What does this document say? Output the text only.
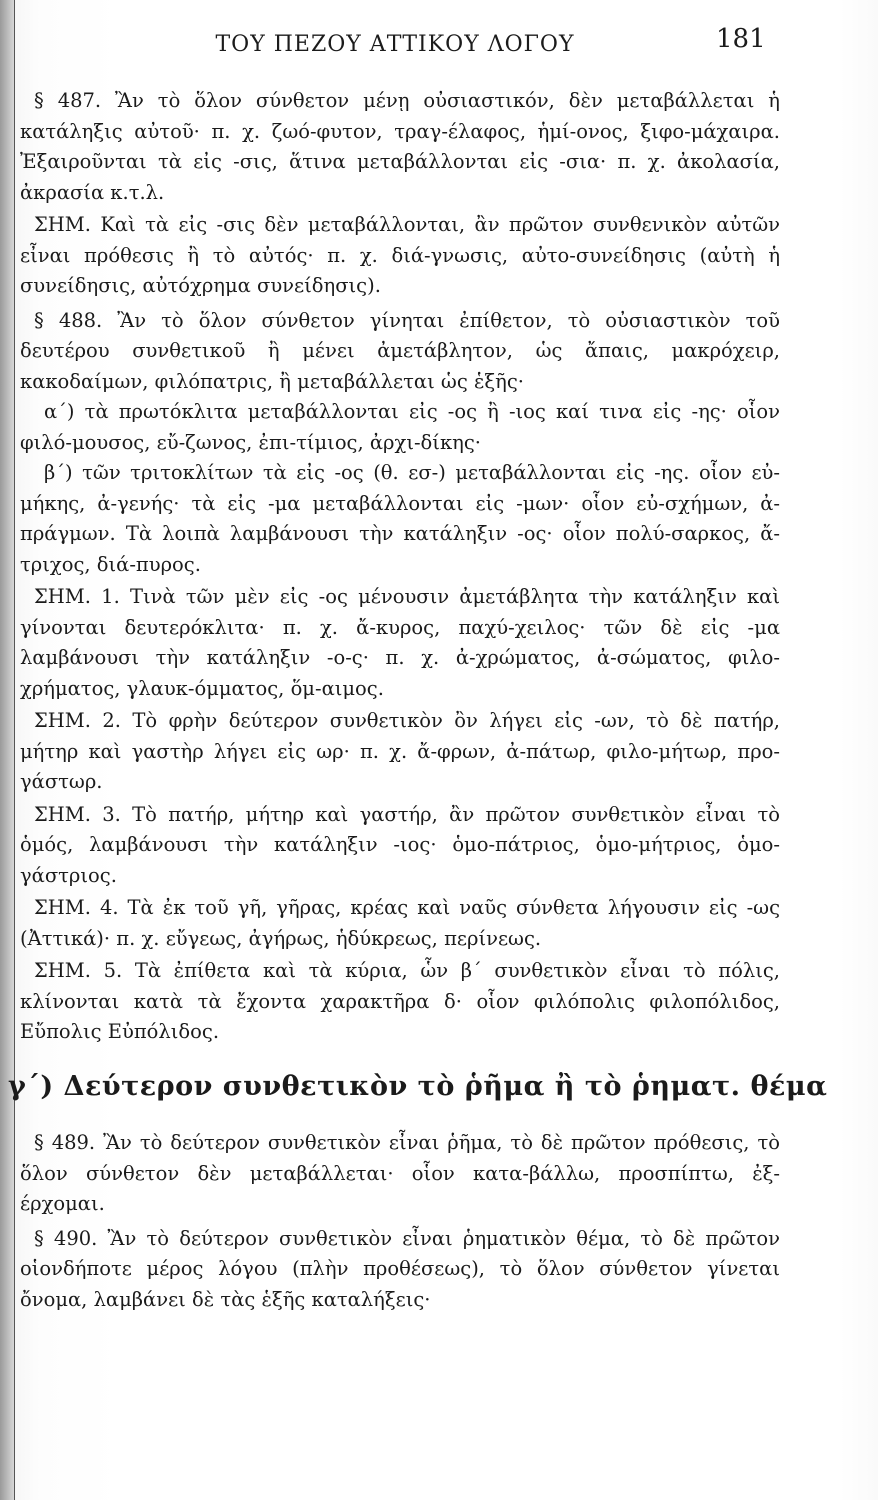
ΤΟΥ ΠΕΖΟΥ ΑΤΤΙΚΟΥ ΛΟΓΟΥ	181

§ 487. Ἂν τὸ ὅλον σύνθετον μένῃ οὐσιαστικόν, δὲν μεταβάλλεται ἡ κατάληξις αὐτοῦ· π. χ. ζωό-φυτον, τραγ-έλαφος, ἡμί-ονος, ξιφο-μάχαιρα. Ἐξαιροῦνται τὰ εἰς -σις, ἅτινα μεταβάλλονται εἰς -σια· π. χ. ἀκολασία, ἀκρασία κ.τ.λ.

ΣΗΜ. Καὶ τὰ εἰς -σις δὲν μεταβάλλονται, ἂν πρῶτον συνθενικὸν αὐτῶν εἶναι πρόθεσις ἢ τὸ αὐτός· π. χ. διά-γνωσις, αὐτο-συνείδησις (αὐτὴ ἡ συνείδησις, αὐτόχρημα συνείδησις).

§ 488. Ἂν τὸ ὅλον σύνθετον γίνηται ἐπίθετον, τὸ οὐσιαστικὸν τοῦ δευτέρου συνθετικοῦ ἢ μένει ἀμετάβλητον, ὡς ἄπαις, μακρόχειρ, κακοδαίμων, φιλόπατρις, ἢ μεταβάλλεται ὡς ἑξῆς·

α΄) τὰ πρωτόκλιτα μεταβάλλονται εἰς -ος ἢ -ιος καί τινα εἰς -ης· οἷον φιλό-μουσος, εὔ-ζωνος, ἐπι-τίμιος, ἀρχι-δίκης·

β΄) τῶν τριτοκλίτων τὰ εἰς -ος (θ. εσ-) μεταβάλλονται εἰς -ης. οἷον εὐ-μήκης, ἀ-γενής· τὰ εἰς -μα μεταβάλλονται εἰς -μων· οἷον εὐ-σχήμων, ἀ-πράγμων. Τὰ λοιπὰ λαμβάνουσι τὴν κατάληξιν -ος· οἷον πολύ-σαρκος, ἄ-τριχος, διά-πυρος.

ΣΗΜ. 1. Τινὰ τῶν μὲν εἰς -ος μένουσιν ἀμετάβλητα τὴν κατάληξιν καὶ γίνονται δευτερόκλιτα· π. χ. ἄ-κυρος, παχύ-χειλος· τῶν δὲ εἰς -μα λαμβάνουσι τὴν κατάληξιν -ο-ς· π. χ. ἀ-χρώματος, ἀ-σώματος, φιλο-χρήματος, γλαυκ-όμματος, ὅμ-αιμος.

ΣΗΜ. 2. Τὸ φρὴν δεύτερον συνθετικὸν ὂν λήγει εἰς -ων, τὸ δὲ πατήρ, μήτηρ καὶ γαστὴρ λήγει εἰς ωρ· π. χ. ἄ-φρων, ἀ-πάτωρ, φιλο-μήτωρ, προ-γάστωρ.

ΣΗΜ. 3. Τὸ πατήρ, μήτηρ καὶ γαστήρ, ἂν πρῶτον συνθετικὸν εἶναι τὸ ὁμός, λαμβάνουσι τὴν κατάληξιν -ιος· ὁμο-πάτριος, ὁμο-μήτριος, ὁμο-γάστριος.

ΣΗΜ. 4. Τὰ ἐκ τοῦ γῆ, γῆρας, κρέας καὶ ναῦς σύνθετα λήγουσιν εἰς -ως (Ἀττικά)· π. χ. εὔγεως, ἀγήρως, ἡδύκρεως, περίνεως.

ΣΗΜ. 5. Τὰ ἐπίθετα καὶ τὰ κύρια, ὧν β΄ συνθετικὸν εἶναι τὸ πόλις, κλίνονται κατὰ τὰ ἔχοντα χαρακτῆρα δ· οἷον φιλόπολις φιλοπόλιδος, Εὔπολις Εὐπόλιδος.

γ΄) Δεύτερον συνθετικὸν τὸ ῥῆμα ἢ τὸ ῥηματ. θέμα

§ 489. Ἂν τὸ δεύτερον συνθετικὸν εἶναι ῥῆμα, τὸ δὲ πρῶτον πρόθεσις, τὸ ὅλον σύνθετον δὲν μεταβάλλεται· οἷον κατα-βάλλω, προσπίπτω, ἐξ-έρχομαι.

§ 490. Ἂν τὸ δεύτερον συνθετικὸν εἶναι ῥηματικὸν θέμα, τὸ δὲ πρῶτον οἱονδήποτε μέρος λόγου (πλὴν προθέσεως), τὸ ὅλον σύνθετον γίνεται ὄνομα, λαμβάνει δὲ τὰς ἑξῆς καταλήξεις·
